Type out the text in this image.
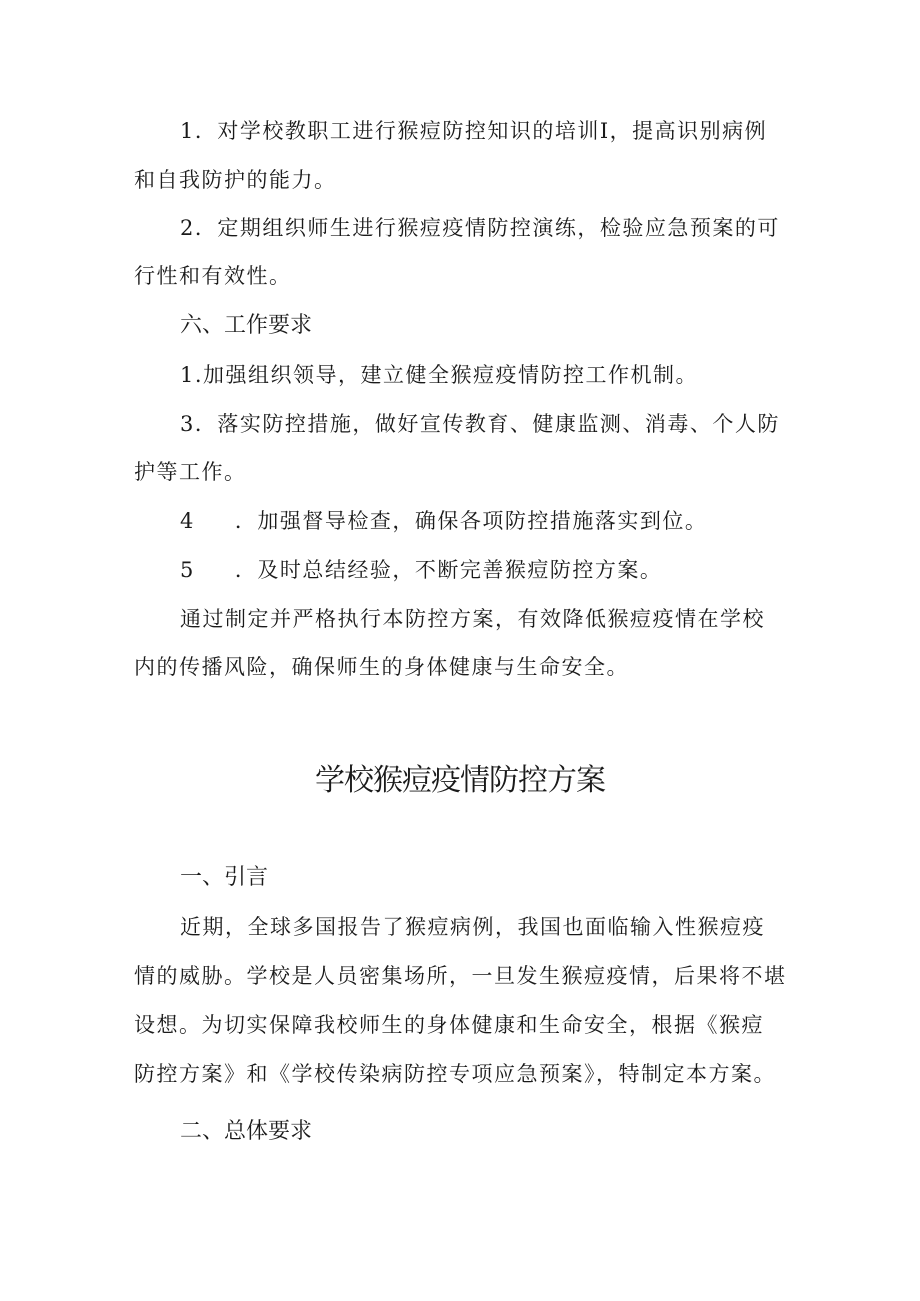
1．对学校教职工进行猴痘防控知识的培训I，提高识别病例
和自我防护的能力。
2．定期组织师生进行猴痘疫情防控演练，检验应急预案的可
行性和有效性。
六、工作要求
1.加强组织领导，建立健全猴痘疫情防控工作机制。
3．落实防控措施，做好宣传教育、健康监测、消毒、个人防
护等工作。
4 ．加强督导检查，确保各项防控措施落实到位。
5 ．及时总结经验，不断完善猴痘防控方案。
通过制定并严格执行本防控方案，有效降低猴痘疫情在学校
内的传播风险，确保师生的身体健康与生命安全。
学校猴痘疫情防控方案
一、引言
近期，全球多国报告了猴痘病例，我国也面临输入性猴痘疫
情的威胁。学校是人员密集场所，一旦发生猴痘疫情，后果将不堪
设想。为切实保障我校师生的身体健康和生命安全，根据《猴痘
防控方案》和《学校传染病防控专项应急预案》，特制定本方案。
二、总体要求
